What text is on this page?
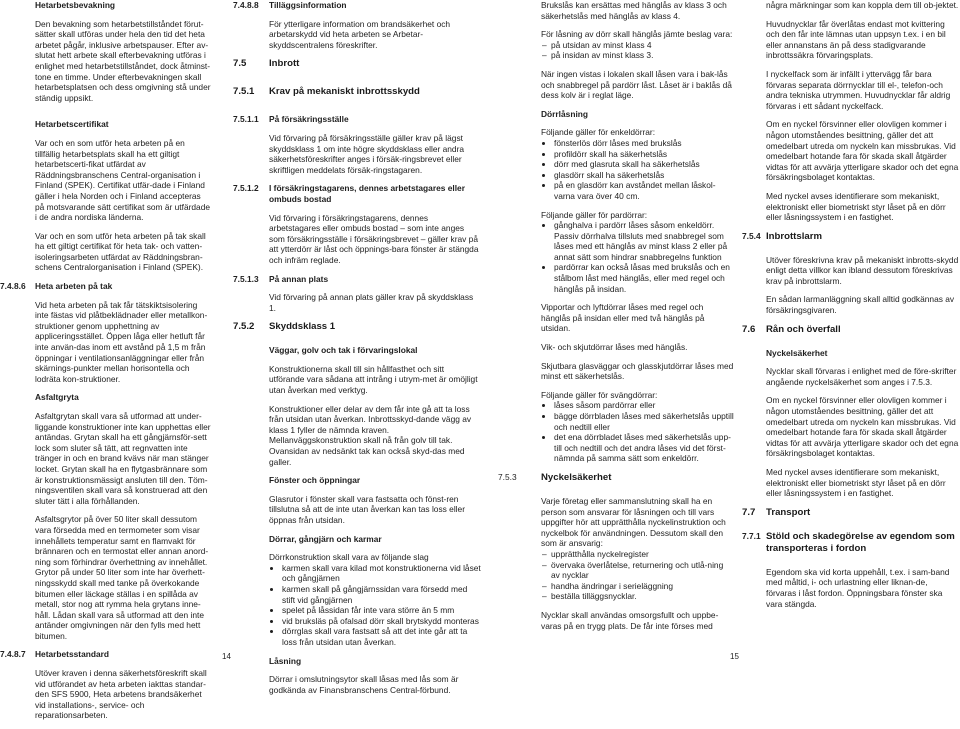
Hetarbetsbevakning

Den bevakning som hetarbetstillståndet förut-sätter skall utföras under hela den tid det heta arbetet pågår, inklusive arbetspauser. Efter av-slutat hett arbete skall efterbevakning utföras i enlighet med hetarbetstillståndet, dock åtminst-tone en timme. Under efterbevakningen skall hetarbetsplatsen och dess omgivning stå under ständig uppsikt.

Hetarbetscertifikat

Var och en som utför heta arbeten på en tillfällig hetarbetsplats skall ha ett giltigt hetarbetscerti-fikat utfärdat av Räddningsbranschens Central-organisation i Finland (SPEK). Certifikat utfär-dade i Finland gäller i hela Norden och i Finland accepteras på motsvarande sätt certifikat som är utfärdade i de andra nordiska länderna.

Var och en som utför heta arbeten på tak skall ha ett giltigt certifikat för heta tak- och vatten-isoleringsarbeten utfärdat av Räddningsbran-schens Centralorganisation i Finland (SPEK).

7.4.8.6 Heta arbeten på tak

Vid heta arbeten på tak får tätskiktsisolering inte fästas vid plåtbeklädnader eller metallkon-struktioner genom upphettning av appliceringsstället. Öppen låga eller hetluft får inte använ-das inom ett avstånd på 1,5 m från öppningar i ventilationsanläggningar eller från skärnings-punkter mellan horisontella och lodräta kon-struktioner.

Asfaltgryta

Asfaltgrytan skall vara så utformad att under-liggande konstruktioner inte kan upphettas eller antändas. Grytan skall ha ett gångjärnsför-sett lock som sluter så tätt, att regnvatten inte tränger in och en brand kvävs när man stänger locket. Grytan skall ha en flytgasbrännare som är konstruktionsmässigt ansluten till den. Töm-ningsventilen skall vara så konstruerad att den sluter tätt i alla förhållanden.

Asfaltsgrytor på över 50 liter skall dessutom vara försedda med en termometer som visar innehållets temperatur samt en flamvakt för brännaren och en termostat eller annan anord-ning som förhindrar överhettning av innehållet. Grytor på under 50 liter som inte har överhett-ningsskydd skall med tanke på överkokande bitumen eller läckage ställas i en spillåda av metall, stor nog att rymma hela grytans inne-håll. Lådan skall vara så utformad att den inte antänder omgivningen när den fylls med hett bitumen.

7.4.8.7 Hetarbetsstandard

Utöver kraven i denna säkerhetsföreskrift skall vid utförandet av heta arbeten iakttas standar-den SFS 5900, Heta arbetens brandsäkerhet vid installations-, service- och reparationsarbeten.

7.4.8.8 Tilläggsinformation

För ytterligare information om brandsäkerhet och arbetarskydd vid heta arbeten se Arbetar-skyddscentralens föreskrifter.

7.5 Inbrott

7.5.1 Krav på mekaniskt inbrottsskydd

7.5.1.1 På försäkringsställe

Vid förvaring på försäkringsställe gäller krav på lägst skyddsklass 1 om inte högre skyddsklass eller andra säkerhetsföreskrifter anges i försäk-ringsbrevet eller skriftligen meddelats försäk-ringstagaren.

7.5.1.2 I försäkringstagarens, dennes arbetstagares eller ombuds bostad

Vid förvaring i försäkringstagarens, dennes arbetstagares eller ombuds bostad – som inte anges som försäkringsställe i försäkringsbrevet – gäller krav på att ytterdörr är låst och öppnings-bara fönster är stängda och infräm reglade.

7.5.1.3 På annan plats

Vid förvaring på annan plats gäller krav på skyddsklass 1.

7.5.2 Skyddsklass 1

Väggar, golv och tak i förvaringslokal

Konstruktionerna skall till sin hållfasthet och sitt utförande vara sådana att intrång i utrym-met är omöjligt utan åverkan med verktyg.

Konstruktioner eller delar av dem får inte gå att ta loss från utsidan utan åverkan. Inbrottsskyd-dande vägg av klass 1 fyller de nämnda kraven. Mellanväggskonstruktion skall nå från golv till tak. Ovansidan av nedsänkt tak kan också skyd-das med galler.

Fönster och öppningar

Glasrutor i fönster skall vara fastsatta och fönst-ren tillslutna så att de inte utan åverkan kan tas loss eller öppnas från utsidan.

Dörrar, gångjärn och karmar

Dörrkonstruktion skall vara av följande slag

• karmen skall vara kilad mot konstruktionerna vid låset och gångjärnen
• karmen skall på gångjärnssidan vara försedd med stift vid gångjärnen
• spelet på låssidan får inte vara större än 5 mm
• vid bruksläs på ofalsad dörr skall brytskydd monteras
• dörrglas skall vara fastsatt så att det inte går att ta loss från utsidan utan åverkan.

Låsning

Dörrar i omslutningsytor skall låsas med lås som är godkända av Finansbranschens Central-förbund.

Brukslås kan ersättas med hänglås av klass 3 och säkerhetslås med hänglås av klass 4.

För låsning av dörr skall hänglås jämte beslag vara:

– på utsidan av minst klass 4
– på insidan av minst klass 3.

När ingen vistas i lokalen skall låsen vara i bak-lås och snabbregel på pardörr låst. Låset är i baklås då dess kolv är i reglat läge.

Dörrlåsning

Följande gäller för enkeldörrar:

• fönsterlös dörr låses med brukslås
• profildörr skall ha säkerhetslås
• dörr med glasruta skall ha säkerhetslås
• glasdörr skall ha säkerhetslås
• på en glasdörr kan avståndet mellan låskol-varna vara över 40 cm.

Följande gäller för pardörrar:

• gånghalva i pardörr låses såsom enkeldörr. Passiv dörrhalva tillsluts med snabbregel som låses med ett hänglås av minst klass 2 eller på annat sätt som hindrar snabbregelns funktion
• pardörrar kan också låsas med brukslås och en stålbom låst med hänglås, eller med regel och hänglås på insidan.

Vipportar och lyftdörrar låses med regel och hänglås på insidan eller med två hänglås på utsidan.

Vik- och skjutdörrar låses med hänglås.

Skjutbara glasväggar och glasskjutdörrar låses med minst ett säkerhetslås.

Följande gäller för svängdörrar:

• låses såsom pardörrar eller
• bägge dörrbladen låses med säkerhetslås upptill och nedtill eller
• det ena dörrbladet låses med säkerhetslås upp-till och nedtill och det andra låses vid det först-nämnda på samma sätt som enkeldörr.
7.5.3	Nyckelsäkerhet

Varje företag eller sammanslutning skall ha en person som ansvarar för låsningen och till vars uppgifter hör att upprätthålla nyckelinstruktion och nyckelbok för användningen. Dessutom skall den som är ansvarig:

– upprätthålla nyckelregister
– övervaka överlåtelse, returnering och utlå-ning av nycklar
– handha ändringar i serieläggning
– beställa tilläggsnycklar.

Nycklar skall användas omsorgsfullt och uppbe-varas på en trygg plats. De får inte förses med

några märkningar som kan koppla dem till ob-jektet.

Huvudnycklar får överlåtas endast mot kvittering och den får inte lämnas utan uppsyn t.ex. i en bil eller annanstans än på dess stadigvarande inbrottssäkra förvaringsplats.

I nyckelfack som är infällt i yttervägg får bara förvaras separata dörrnycklar till el-, telefon-och andra tekniska utrymmen. Huvudnycklar får aldrig förvaras i ett sådant nyckelfack.

Om en nyckel försvinner eller olovligen kommer i någon utomståendes besittning, gäller det att omedelbart utreda om nyckeln kan missbrukas. Vid omedelbart hotande fara för skada skall åtgärder vidtas för att avvärja ytterligare skador och det egna försäkringsbolaget kontaktas.

Med nyckel avses identifierare som mekaniskt, elektroniskt eller biometriskt styr låset på en dörr eller låsningssystem i en fastighet.

7.5.4 Inbrottslarm

Utöver föreskrivna krav på mekaniskt inbrotts-skydd enligt detta villkor kan ibland dessutom föreskrivas krav på inbrottslarm.

En sådan larmanläggning skall alltid godkännas av försäkringsgivaren.

7.6 Rån och överfall

Nyckelsäkerhet

Nycklar skall förvaras i enlighet med de före-skrifter angående nyckelsäkerhet som anges i 7.5.3.

Om en nyckel försvinner eller olovligen kommer i någon utomståendes besittning, gäller det att omedelbart utreda om nyckeln kan missbrukas. Vid omedelbart hotande fara för skada skall åtgärder vidtas för att avvärja ytterligare skador och det egna försäkringsbolaget kontaktas.

Med nyckel avses identifierare som mekaniskt, elektroniskt eller biometriskt styr låset på en dörr eller låsningssystem i en fastighet.

7.7 Transport

7.7.1 Stöld och skadegörelse av egendom som transporteras i fordon

Egendom ska vid korta uppehåll, t.ex. i sam-band med måltid, i- och urlastning eller liknan-de, förvaras i låst fordon. Öppningsbara fönster ska vara stängda.

14	15
